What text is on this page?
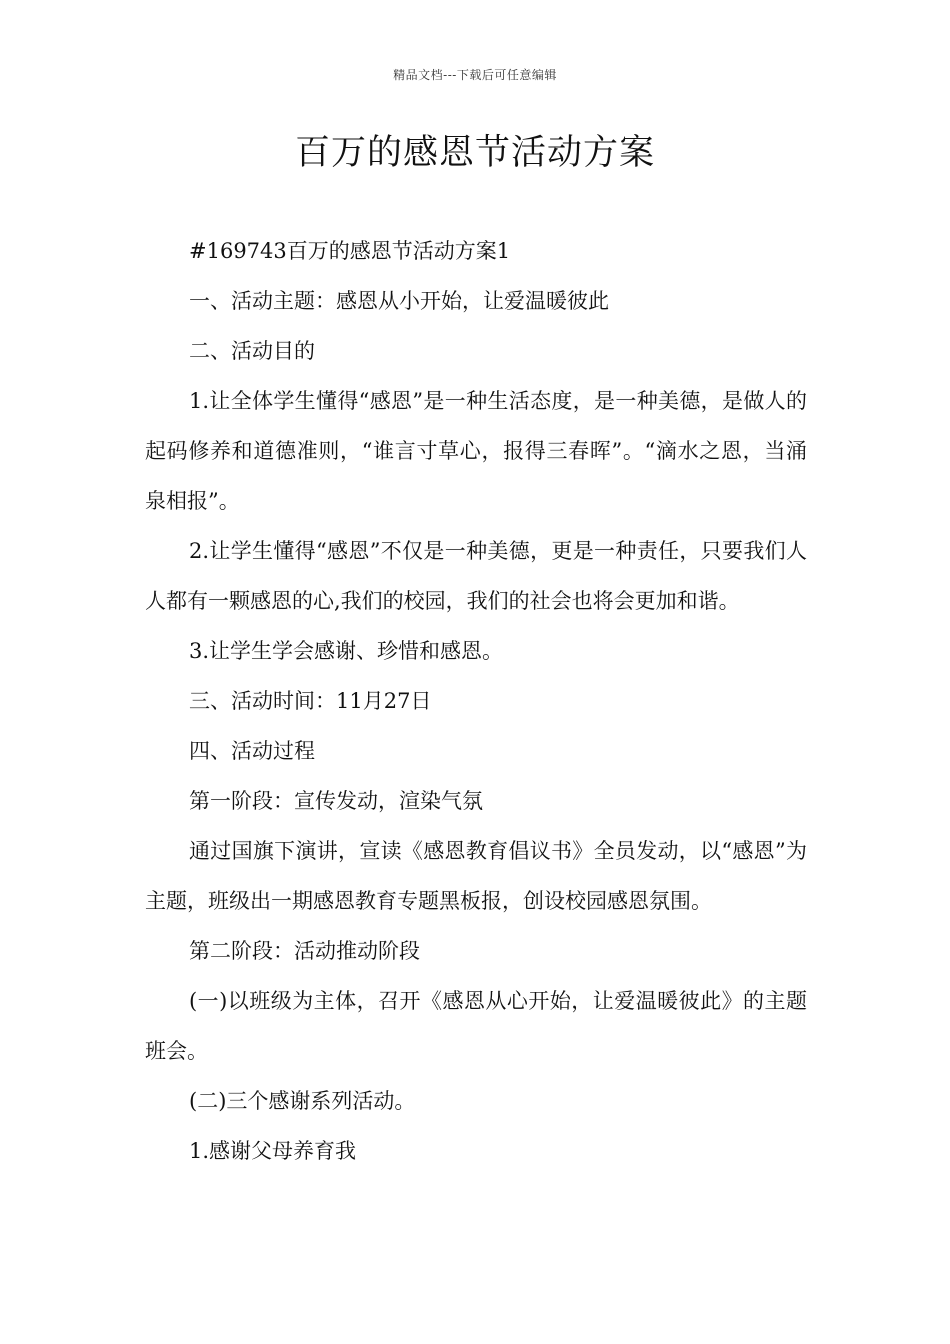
精品文档---下载后可任意编辑
百万的感恩节活动方案

#169743百万的感恩节活动方案1

一、活动主题：感恩从小开始，让爱温暖彼此

二、活动目的

1.让全体学生懂得“感恩”是一种生活态度，是一种美德，是做人的起码修养和道德准则，“谁言寸草心，报得三春晖”。“滴水之恩，当涌泉相报”。

2.让学生懂得“感恩”不仅是一种美德，更是一种责任，只要我们人人都有一颗感恩的心,我们的校园，我们的社会也将会更加和谐。

3.让学生学会感谢、珍惜和感恩。

三、活动时间：11月27日

四、活动过程

第一阶段：宣传发动，渲染气氛

通过国旗下演讲，宣读《感恩教育倡议书》全员发动，以“感恩”为主题，班级出一期感恩教育专题黑板报，创设校园感恩氛围。

第二阶段：活动推动阶段

(一)以班级为主体，召开《感恩从心开始，让爱温暖彼此》的主题班会。

(二)三个感谢系列活动。

1.感谢父母养育我
